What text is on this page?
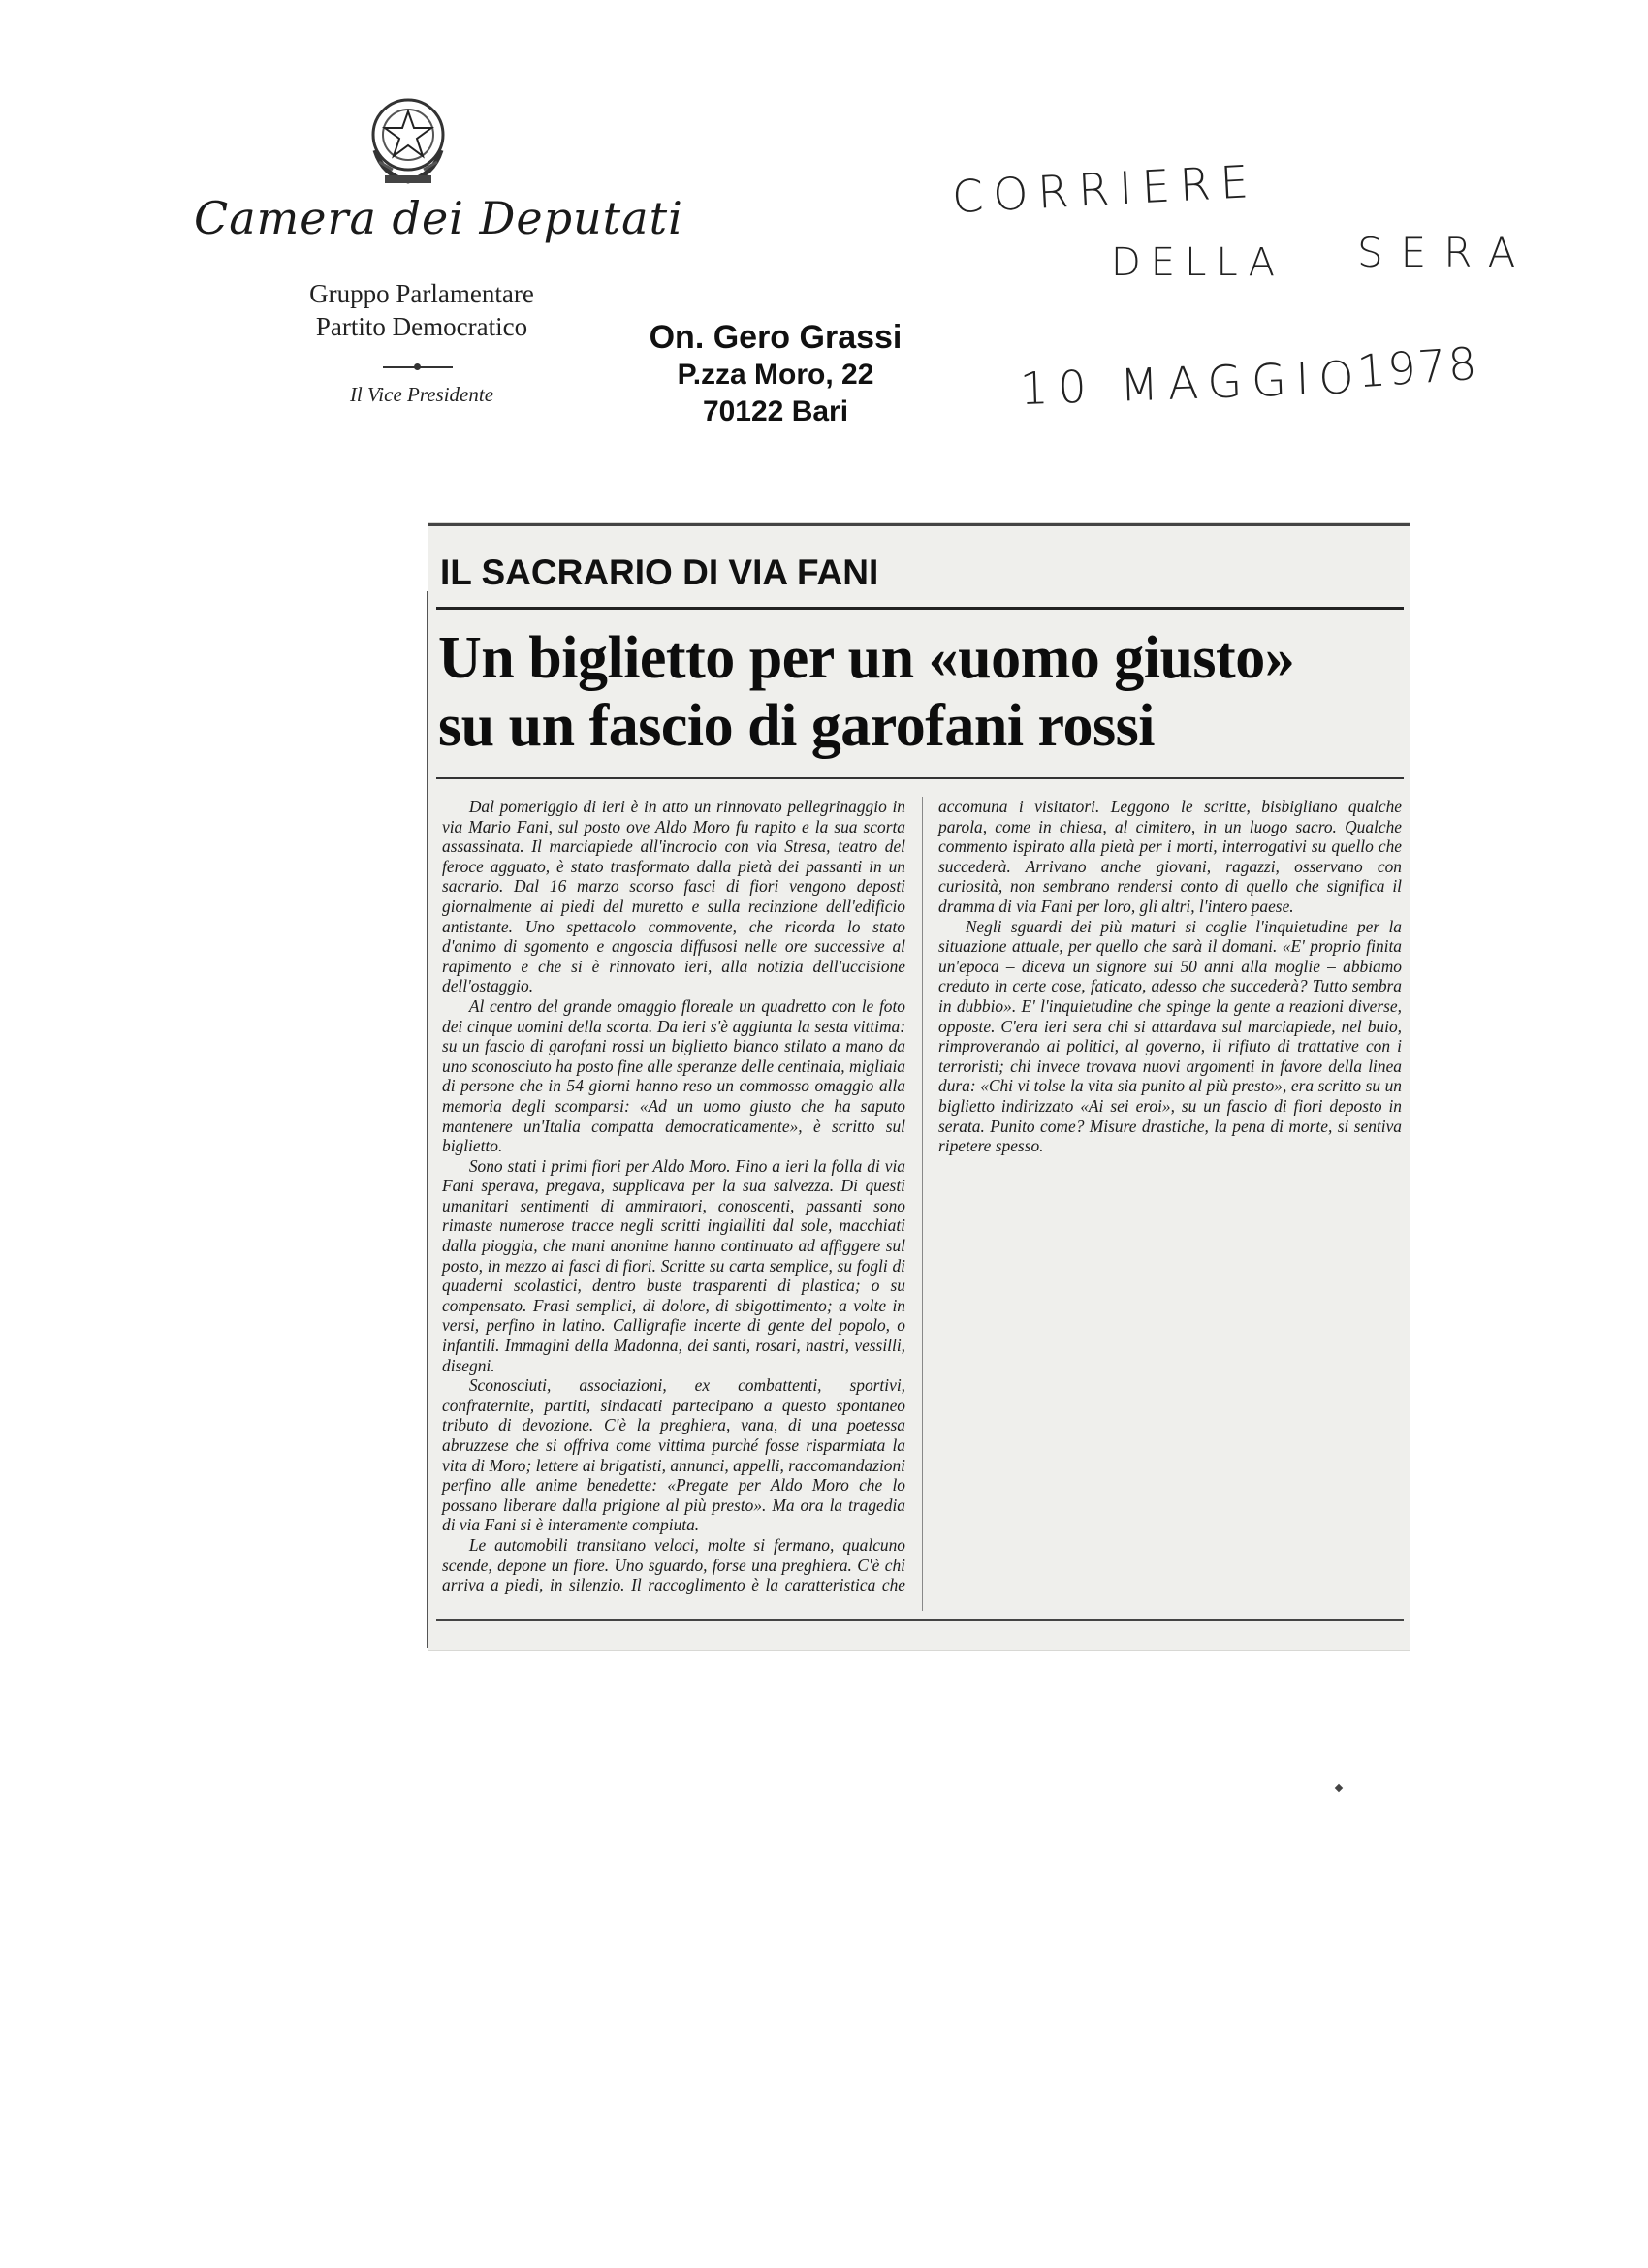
Camera dei Deputati
Gruppo Parlamentare
Partito Democratico
Il Vice Presidente
On. Gero Grassi
P.zza Moro, 22
70122 Bari
CORRIERE
DELLA SERA
10 MAGGIO
1978
IL SACRARIO DI VIA FANI
Un biglietto per un «uomo giusto»
su un fascio di garofani rossi

Dal pomeriggio di ieri è in atto un rinnovato pellegrinaggio in via Mario Fani, sul posto ove Aldo Moro fu rapito e la sua scorta assassinata. Il marciapiede all'incrocio con via Stresa, teatro del feroce agguato, è stato trasformato dalla pietà dei passanti in un sacrario. Dal 16 marzo scorso fasci di fiori vengono deposti giornalmente ai piedi del muretto e sulla recinzione dell'edificio antistante. Uno spettacolo commovente, che ricorda lo stato d'animo di sgomento e angoscia diffusosi nelle ore successive al rapimento e che si è rinnovato ieri, alla notizia dell'uccisione dell'ostaggio.

Al centro del grande omaggio floreale un quadretto con le foto dei cinque uomini della scorta. Da ieri s'è aggiunta la sesta vittima: su un fascio di garofani rossi un biglietto bianco stilato a mano da uno sconosciuto ha posto fine alle speranze delle centinaia, migliaia di persone che in 54 giorni hanno reso un commosso omaggio alla memoria degli scomparsi: «Ad un uomo giusto che ha saputo mantenere un'Italia compatta democraticamente», è scritto sul biglietto.

Sono stati i primi fiori per Aldo Moro. Fino a ieri la folla di via Fani sperava, pregava, supplicava per la sua salvezza. Di questi umanitari sentimenti di ammiratori, conoscenti, passanti sono rimaste numerose tracce negli scritti ingialliti dal sole, macchiati dalla pioggia, che mani anonime hanno continuato ad affiggere sul posto, in mezzo ai fasci di fiori. Scritte su carta semplice, su fogli di quaderni scolastici, dentro buste trasparenti di plastica; o su compensato. Frasi semplici, di dolore, di sbigottimento; a volte in versi, perfino in latino. Calligrafie incerte di gente del popolo, o infantili. Immagini della Madonna, dei santi, rosari, nastri, vessilli, disegni.

Sconosciuti, associazioni, ex combattenti, sportivi, confraternite, partiti, sindacati partecipano a questo spontaneo tributo di devozione. C'è la preghiera, vana, di una poetessa abruzzese che si offriva come vittima purché fosse risparmiata la vita di Moro; lettere ai brigatisti, annunci, appelli, raccomandazioni perfino alle anime benedette: «Pregate per Aldo Moro che lo possano liberare dalla prigione al più presto». Ma ora la tragedia di via Fani si è interamente compiuta.

Le automobili transitano veloci, molte si fermano, qualcuno scende, depone un fiore. Uno sguardo, forse una preghiera. C'è chi arriva a piedi, in silenzio. Il raccoglimento è la caratteristica che accomuna i visitatori. Leggono le scritte, bisbigliano qualche parola, come in chiesa, al cimitero, in un luogo sacro. Qualche commento ispirato alla pietà per i morti, interrogativi su quello che succederà. Arrivano anche giovani, ragazzi, osservano con curiosità, non sembrano rendersi conto di quello che significa il dramma di via Fani per loro, gli altri, l'intero paese.

Negli sguardi dei più maturi si coglie l'inquietudine per la situazione attuale, per quello che sarà il domani. «E' proprio finita un'epoca – diceva un signore sui 50 anni alla moglie – abbiamo creduto in certe cose, faticato, adesso che succederà? Tutto sembra in dubbio». E' l'inquietudine che spinge la gente a reazioni diverse, opposte. C'era ieri sera chi si attardava sul marciapiede, nel buio, rimproverando ai politici, al governo, il rifiuto di trattative con i terroristi; chi invece trovava nuovi argomenti in favore della linea dura: «Chi vi tolse la vita sia punito al più presto», era scritto su un biglietto indirizzato «Ai sei eroi», su un fascio di fiori deposto in serata. Punito come? Misure drastiche, la pena di morte, si sentiva ripetere spesso.
